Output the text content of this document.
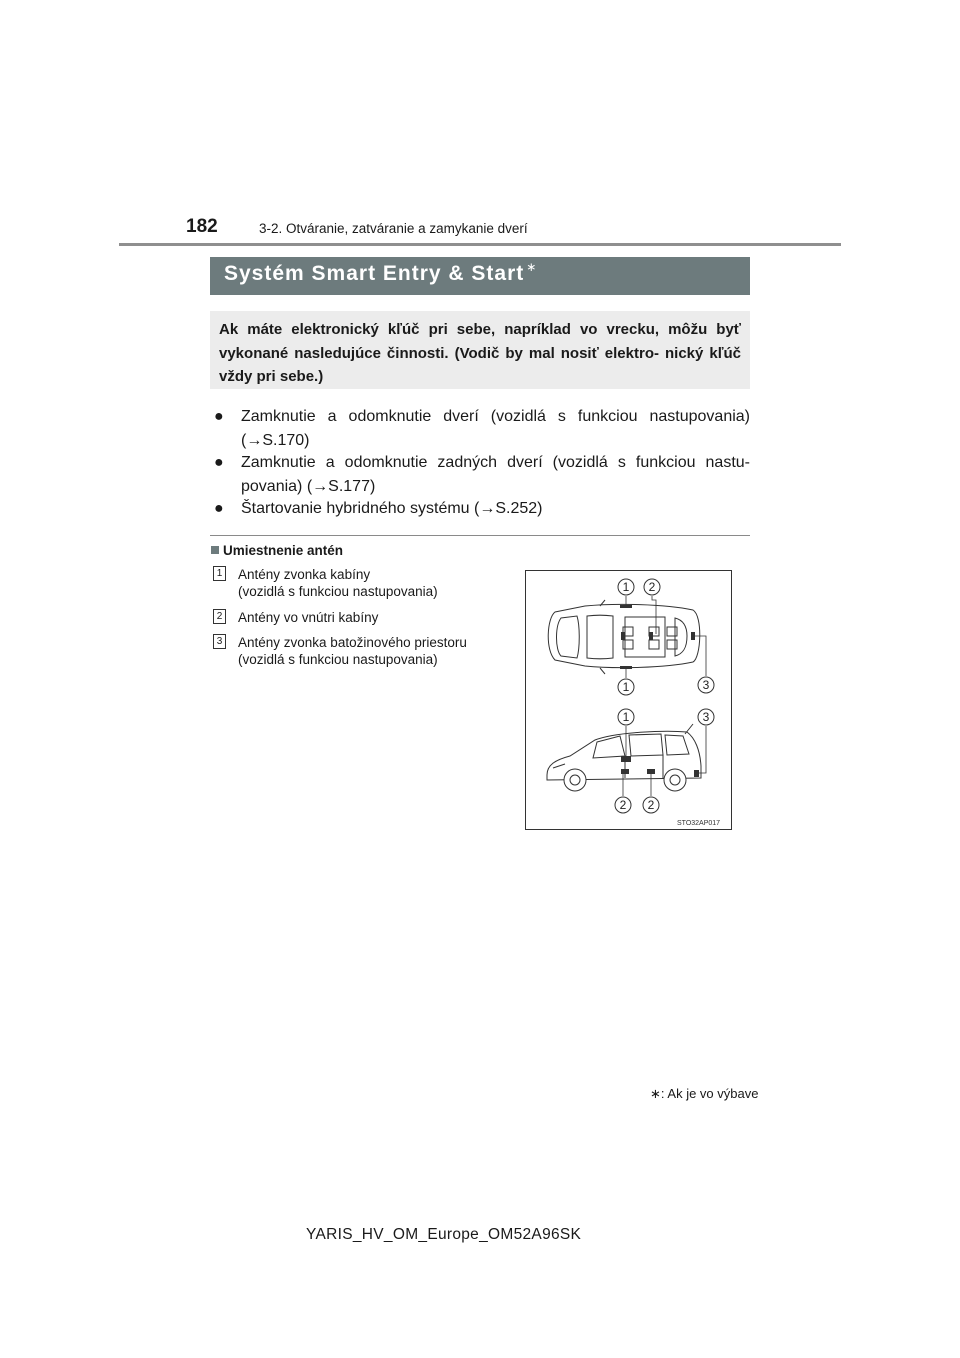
182	3-2. Otváranie, zatváranie a zamykanie dverí
Systém Smart Entry & Start ∗
Ak máte elektronický kľúč pri sebe, napríklad vo vrecku, môžu byť vykonané nasledujúce činnosti. (Vodič by mal nosiť elektro- nický kľúč vždy pri sebe.)
● Zamknutie a odomknutie dverí (vozidlá s funkciou nastupovania) (→S.170)
● Zamknutie a odomknutie zadných dverí (vozidlá s funkciou nastu- povania) (→S.177)
● Štartovanie hybridného systému (→S.252)
Umiestnenie antén
1 Antény zvonka kabíny
(vozidlá s funkciou nastupovania)
2 Antény vo vnútri kabíny
3 Antény zvonka batožinového priestoru
(vozidlá s funkciou nastupovania)
1 2
1	3
1	3
2 2
STO32AP017
∗: Ak je vo výbave
YARIS_HV_OM_Europe_OM52A96SK
